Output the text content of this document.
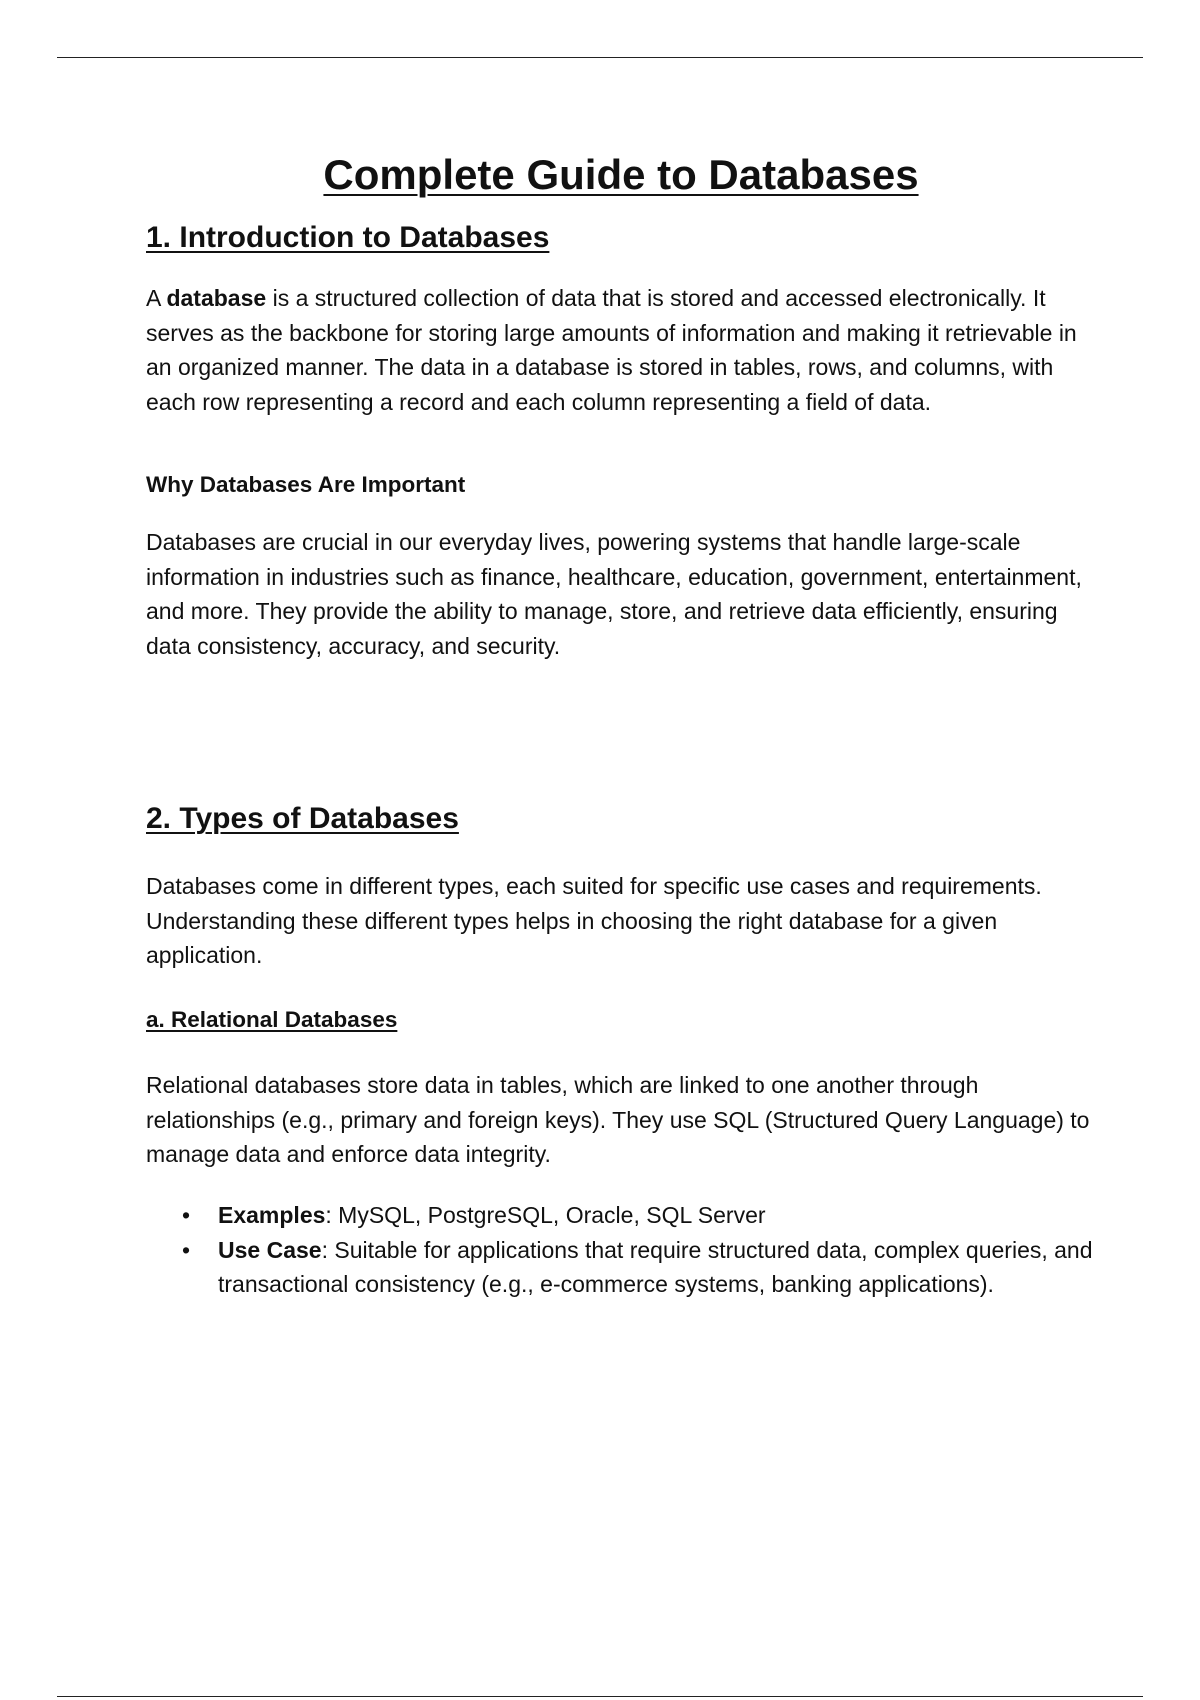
Complete Guide to Databases
1. Introduction to Databases

A database is a structured collection of data that is stored and accessed electronically. It serves as the backbone for storing large amounts of information and making it retrievable in an organized manner. The data in a database is stored in tables, rows, and columns, with each row representing a record and each column representing a field of data.

Why Databases Are Important

Databases are crucial in our everyday lives, powering systems that handle large-scale information in industries such as finance, healthcare, education, government, entertainment, and more. They provide the ability to manage, store, and retrieve data efficiently, ensuring data consistency, accuracy, and security.

2. Types of Databases

Databases come in different types, each suited for specific use cases and requirements. Understanding these different types helps in choosing the right database for a given application.

a. Relational Databases

Relational databases store data in tables, which are linked to one another through relationships (e.g., primary and foreign keys). They use SQL (Structured Query Language) to manage data and enforce data integrity.

• Examples: MySQL, PostgreSQL, Oracle, SQL Server
• Use Case: Suitable for applications that require structured data, complex queries, and transactional consistency (e.g., e-commerce systems, banking applications).
